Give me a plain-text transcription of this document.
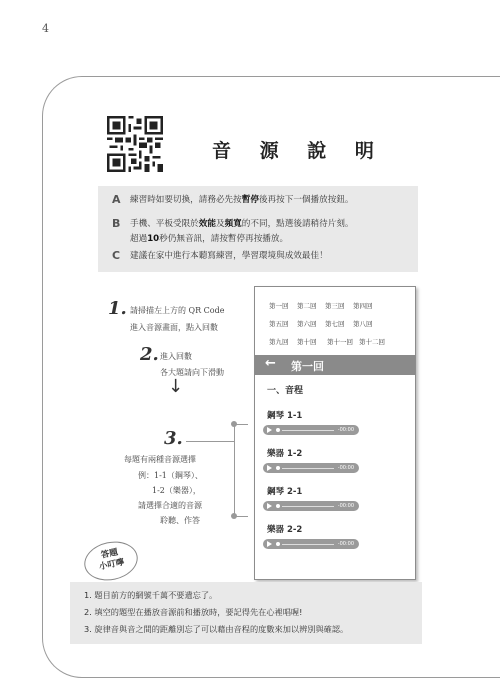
4
音 源 說 明
A 練習時如要切換，請務必先按暫停後再按下一個播放按鈕。
B 手機、平板受限於效能及頻寬的不同，點選後請稍待片刻。
超過10秒仍無音訊，請按暫停再按播放。
C 建議在家中進行本聽寫練習，學習環境與成效最佳！
1. 請掃描左上方的 QR Code
進入音源畫面，點入回數
2. 進入回數
各大題請向下滑動
↓
3.
每題有兩種音源選擇
例：1-1（鋼琴）、
1-2（樂器），
請選擇合適的音源
聆聽、作答
第一回 第二回 第三回 第四回
第五回 第六回 第七回 第八回
第九回 第十回 第十一回 第十二回
← 第一回
一、音程
鋼琴 1-1
-00:00
樂器 1-2
-00:00
鋼琴 2-1
-00:00
樂器 2-2
-00:00
答題
小叮嚀
1. 題目前方的網號千萬不要遺忘了。
2. 填空的題型在播放音源前和播放時，要記得先在心裡唱喔!
3. 旋律音與音之間的距離別忘了可以藉由音程的度數來加以辨別與確認。
